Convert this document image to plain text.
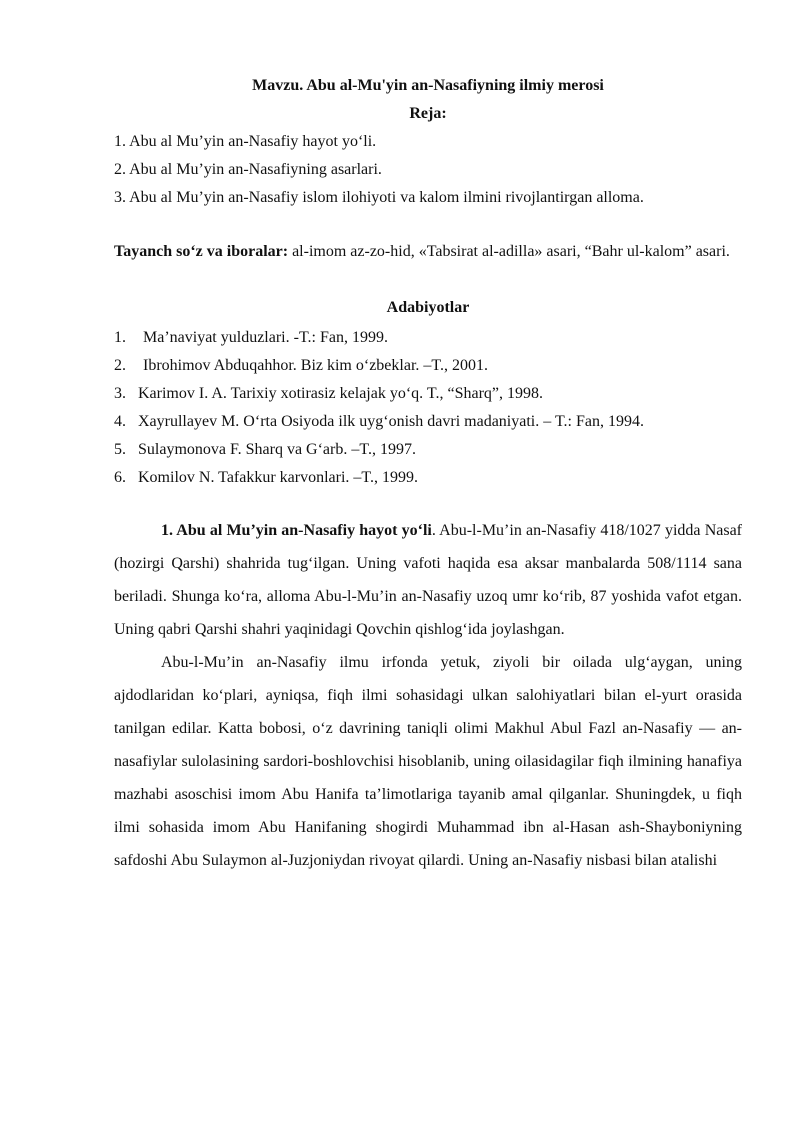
Mavzu. Abu al-Mu'yin an-Nasafiyning ilmiy merosi

Reja:

1. Abu al Mu’yin an-Nasafiy hayot yo‘li.

2. Abu al Mu’yin an-Nasafiyning asarlari.

3. Abu al Mu’yin an-Nasafiy islom ilohiyoti va kalom ilmini rivojlantirgan alloma.

Tayanch so‘z va iboralar: al-imom az-zo-hid, «Tabsirat al-adilla» asari, “Bahr ul-kalom” asari.

Adabiyotlar

1. Ma’naviyat yulduzlari. -T.: Fan, 1999.

2. Ibrohimov Abduqahhor. Biz kim o‘zbeklar. –T., 2001.

3. Karimov I. A. Tarixiy xotirasiz kelajak yo‘q. T., “Sharq”, 1998.

4. Xayrullayev M. O‘rta Osiyoda ilk uyg‘onish davri madaniyati. – T.: Fan, 1994.

5. Sulaymonova F. Sharq va G‘arb. –T., 1997.

6. Komilov N. Tafakkur karvonlari. –T., 1999.

1. Abu al Mu’yin an-Nasafiy hayot yo‘li. Abu-l-Mu’in an-Nasafiy 418/1027 yidda Nasaf (hozirgi Qarshi) shahrida tug‘ilgan. Uning vafoti haqida esa aksar manbalarda 508/1114 sana beriladi. Shunga ko‘ra, alloma Abu-l-Mu’in an-Nasafiy uzoq umr ko‘rib, 87 yoshida vafot etgan. Uning qabri Qarshi shahri yaqinidagi Qovchin qishlog‘ida joylashgan.

Abu-l-Mu’in an-Nasafiy ilmu irfonda yetuk, ziyoli bir oilada ulg‘aygan, uning ajdodlaridan ko‘plari, ayniqsa, fiqh ilmi sohasidagi ulkan salohiyatlari bilan el-yurt orasida tanilgan edilar. Katta bobosi, o‘z davrining taniqli olimi Makhul Abul Fazl an-Nasafiy — an-nasafiylar sulolasining sardori-boshlovchisi hisoblanib, uning oilasidagilar fiqh ilmining hanafiya mazhabi asoschisi imom Abu Hanifa ta’limotlariga tayanib amal qilganlar. Shuningdek, u fiqh ilmi sohasida imom Abu Hanifaning shogirdi Muhammad ibn al-Hasan ash-Shayboniyning safdoshi Abu Sulaymon al-Juzjoniydan rivoyat qilardi. Uning an-Nasafiy nisbasi bilan atalishi
